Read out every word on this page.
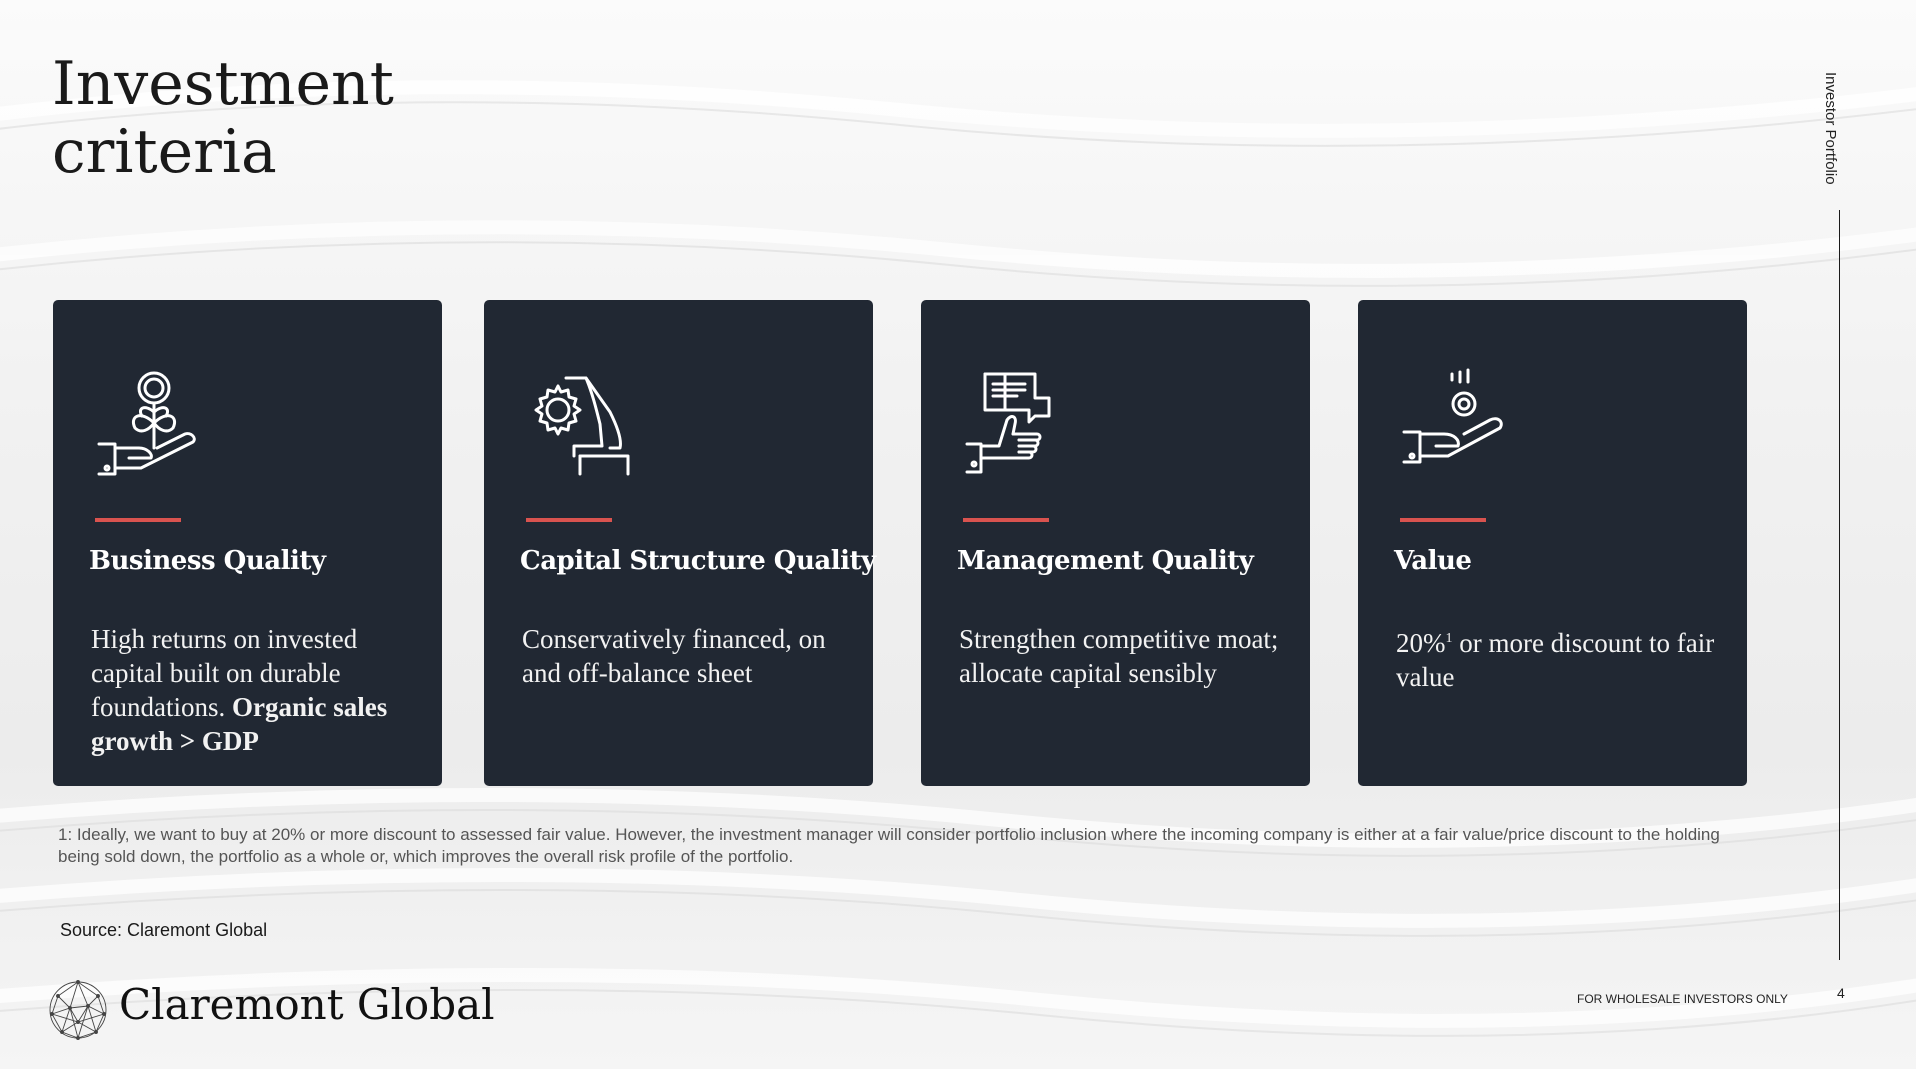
Investment
criteria	Investor Portfolio
Business Quality

High returns on invested capital built on durable foundations. Organic sales growth > GDP

Capital Structure Quality

Conservatively financed, on and off-balance sheet

Management Quality

Strengthen competitive moat; allocate capital sensibly

Value

20%$^1$ or more discount to fair value

1: Ideally, we want to buy at 20% or more discount to assessed fair value. However, the investment manager will consider portfolio inclusion where the incoming company is either at a fair value/price discount to the holding being sold down, the portfolio as a whole or, which improves the overall risk profile of the portfolio.
Source: Claremont Global
Claremont Global	FOR WHOLESALE INVESTORS ONLY	4
